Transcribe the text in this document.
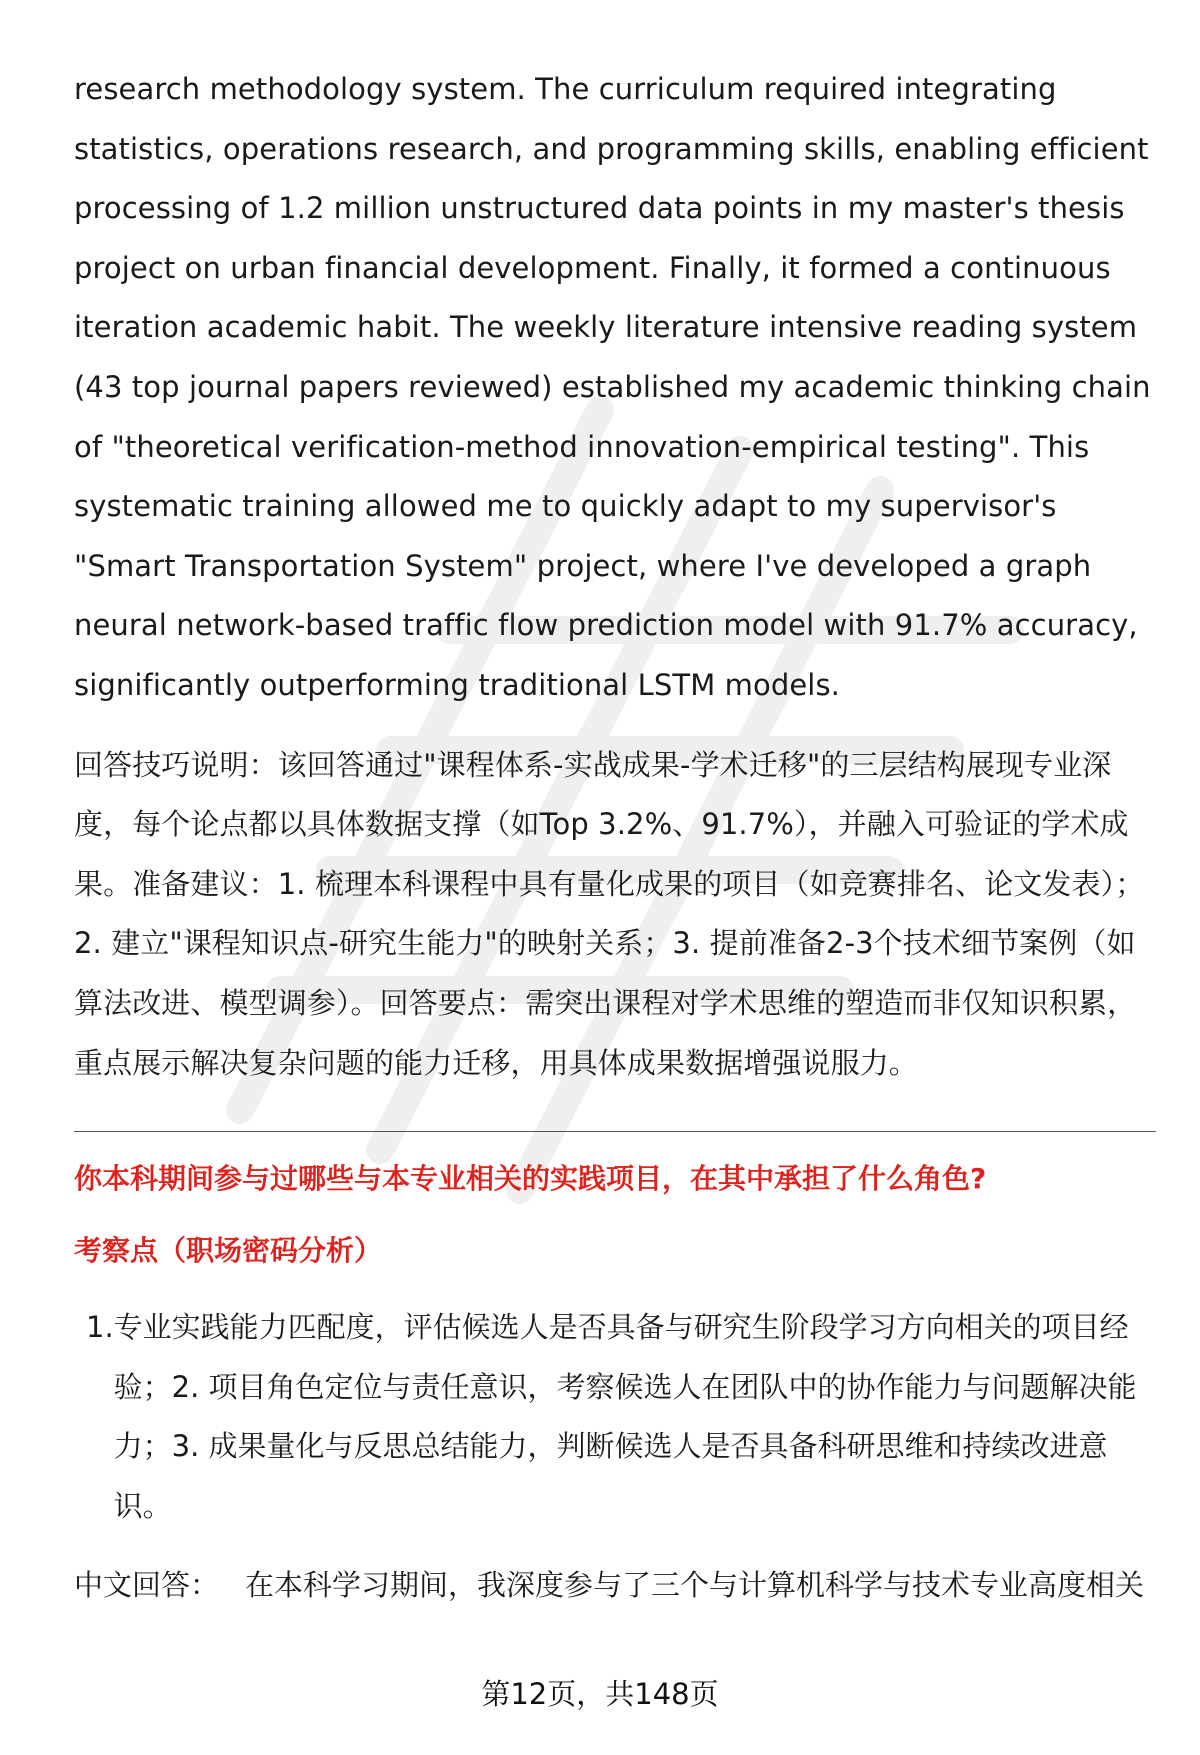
research methodology system. The curriculum required integrating statistics, operations research, and programming skills, enabling efficient processing of 1.2 million unstructured data points in my master's thesis project on urban financial development. Finally, it formed a continuous iteration academic habit. The weekly literature intensive reading system (43 top journal papers reviewed) established my academic thinking chain of "theoretical verification-method innovation-empirical testing". This systematic training allowed me to quickly adapt to my supervisor's "Smart Transportation System" project, where I've developed a graph neural network-based traffic flow prediction model with 91.7% accuracy, significantly outperforming traditional LSTM models.

回答技巧说明：该回答通过"课程体系-实战成果-学术迁移"的三层结构展现专业深度，每个论点都以具体数据支撑（如Top 3.2%、91.7%），并融入可验证的学术成果。准备建议：1. 梳理本科课程中具有量化成果的项目（如竞赛排名、论文发表）；2. 建立"课程知识点-研究生能力"的映射关系；3. 提前准备2-3个技术细节案例（如算法改进、模型调参）。回答要点：需突出课程对学术思维的塑造而非仅知识积累，重点展示解决复杂问题的能力迁移，用具体成果数据增强说服力。

你本科期间参与过哪些与本专业相关的实践项目，在其中承担了什么角色?

考察点（职场密码分析）

1. 专业实践能力匹配度，评估候选人是否具备与研究生阶段学习方向相关的项目经验；2. 项目角色定位与责任意识，考察候选人在团队中的协作能力与问题解决能力；3. 成果量化与反思总结能力，判断候选人是否具备科研思维和持续改进意识。

中文回答： 在本科学习期间，我深度参与了三个与计算机科学与技术专业高度相关

第12页，共148页
